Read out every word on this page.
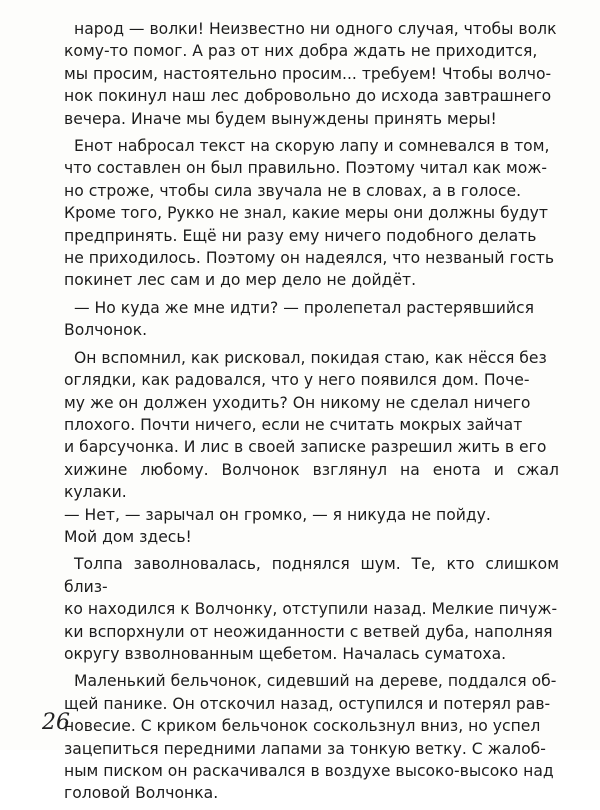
народ — волки! Неизвестно ни одного случая, чтобы волк
кому-то помог. А раз от них добра ждать не приходится,
мы просим, настоятельно просим... требуем! Чтобы волчо-
нок покинул наш лес добровольно до исхода завтрашнего
вечера. Иначе мы будем вынуждены принять меры!

Енот набросал текст на скорую лапу и сомневался в том,
что составлен он был правильно. Поэтому читал как мож-
но строже, чтобы сила звучала не в словах, а в голосе.
Кроме того, Рукко не знал, какие меры они должны будут
предпринять. Ещё ни разу ему ничего подобного делать
не приходилось. Поэтому он надеялся, что незваный гость
покинет лес сам и до мер дело не дойдёт.

— Но куда же мне идти? — пролепетал растерявшийся
Волчонок.

Он вспомнил, как рисковал, покидая стаю, как нёсся без
оглядки, как радовался, что у него появился дом. Поче-
му же он должен уходить? Он никому не сделал ничего
плохого. Почти ничего, если не считать мокрых зайчат
и барсучонка. И лис в своей записке разрешил жить в его
хижине любому. Волчонок взглянул на енота и сжал кулаки.
— Нет, — зарычал он громко, — я никуда не пойду.
Мой дом здесь!

Толпа заволновалась, поднялся шум. Те, кто слишком близ-
ко находился к Волчонку, отступили назад. Мелкие пичуж-
ки вспорхнули от неожиданности с ветвей дуба, наполняя
округу взволнованным щебетом. Началась суматоха.

Маленький бельчонок, сидевший на дереве, поддался об-
щей панике. Он отскочил назад, оступился и потерял рав-
новесие. С криком бельчонок соскользнул вниз, но успел
зацепиться передними лапами за тонкую ветку. С жалоб-
ным писком он раскачивался в воздухе высоко-высоко над
головой Волчонка.

26
